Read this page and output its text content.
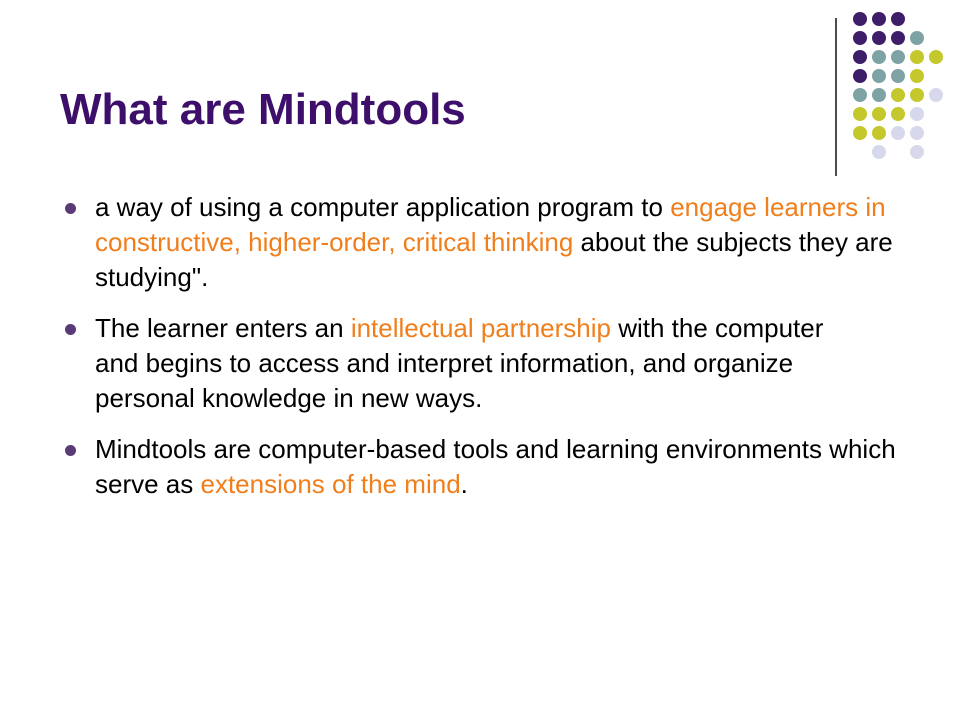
What are Mindtools
a way of using a computer application program to engage learners in constructive, higher-order, critical thinking about the subjects they are studying".
The learner enters an intellectual partnership with the computer and begins to access and interpret information, and organize personal knowledge in new ways.
Mindtools are computer-based tools and learning environments which serve as extensions of the mind.
